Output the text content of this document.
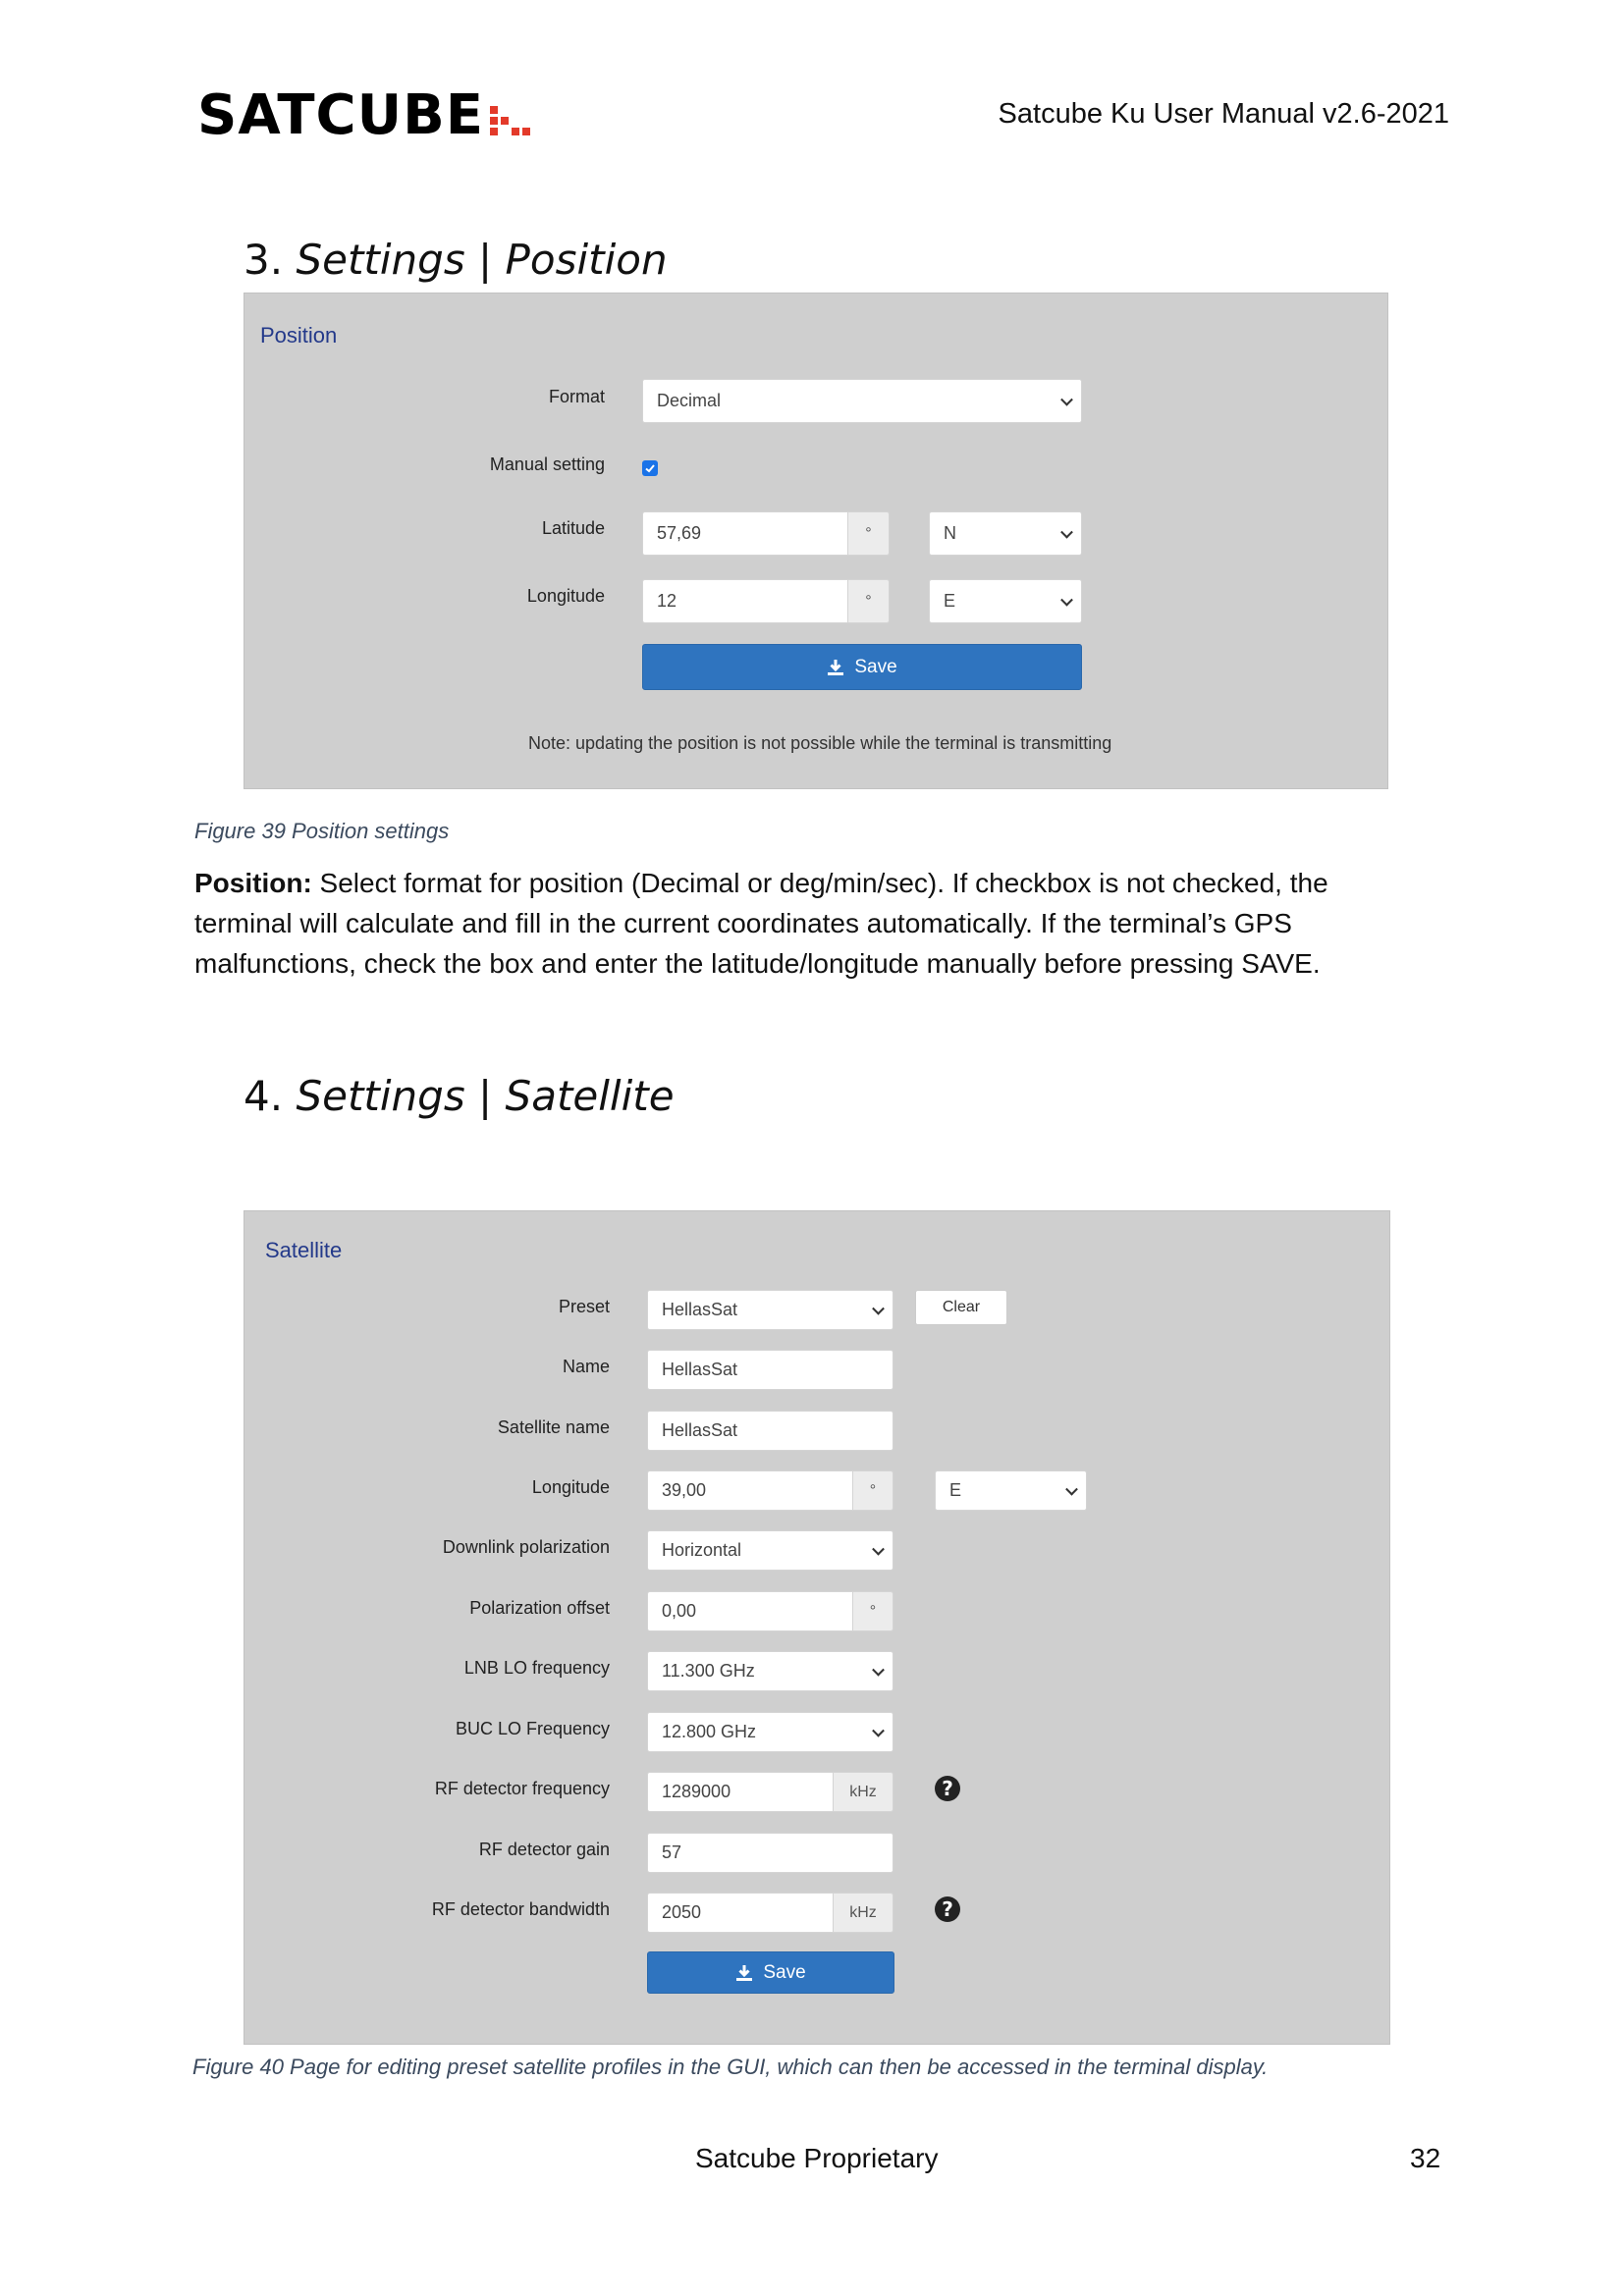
SATCUBE	Satcube Ku User Manual v2.6-2021
3. Settings | Position
Position
Format	Decimal
Manual setting
Latitude	57,69	°	N
Longitude	12	°	E
Save
Note: updating the position is not possible while the terminal is transmitting
Figure 39 Position settings
Position: Select format for position (Decimal or deg/min/sec). If checkbox is not checked, the terminal will calculate and fill in the current coordinates automatically. If the terminal’s GPS malfunctions, check the box and enter the latitude/longitude manually before pressing SAVE.
4. Settings | Satellite
Satellite
Preset	HellasSat	Clear
Name	HellasSat
Satellite name	HellasSat
Longitude	39,00	°	E
Downlink polarization	Horizontal
Polarization offset	0,00	°
LNB LO frequency	11.300 GHz
BUC LO Frequency	12.800 GHz
RF detector frequency	1289000	kHz	?
RF detector gain	57
RF detector bandwidth	2050	kHz	?
Save
Figure 40 Page for editing preset satellite profiles in the GUI, which can then be accessed in the terminal display.
Satcube Proprietary	32
